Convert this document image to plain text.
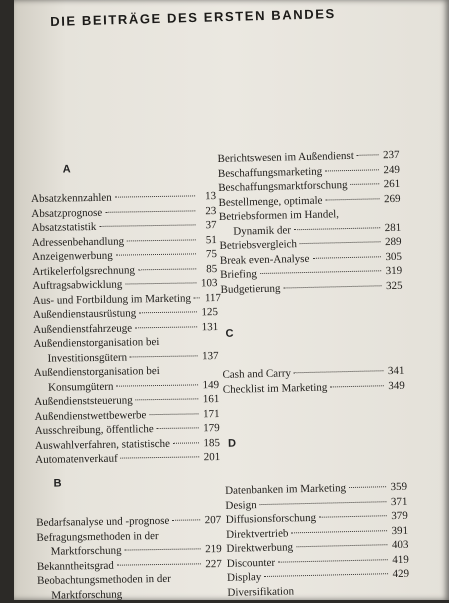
DIE BEITRÄGE DES ERSTEN BANDES
A
Absatzkennzahlen	13
Absatzprognose	23
Absatzstatistik	37
Adressenbehandlung	51
Anzeigenwerbung	75
Artikelerfolgsrechnung	85
Auftragsabwicklung	103
Aus- und Fortbildung im Marketing 117
Außendienstausrüstung	125
Außendienstfahrzeuge	131
Außendienstorganisation bei
Investitionsgütern	137
Außendienstorganisation bei
Konsumgütern	149
Außendienststeuerung	161
Außendienstwettbewerbe	171
Ausschreibung, öffentliche	179
Auswahlverfahren, statistische	185
Automatenverkauf	201
B
Bedarfsanalyse und -prognose	207
Befragungsmethoden in der
Marktforschung	219
Bekanntheitsgrad	227
Beobachtungsmethoden in der
Marktforschung
Berichtswesen im Außendienst	237
Beschaffungsmarketing	249
Beschaffungsmarktforschung	261
Bestellmenge, optimale	269
Betriebsformen im Handel,
Dynamik der	281
Betriebsvergleich	289
Break even-Analyse	305
Briefing	319
Budgetierung	325
C
Cash and Carry	341
Checklist im Marketing	349
D
Datenbanken im Marketing	359
Design	371
Diffusionsforschung	379
Direktvertrieb	391
Direktwerbung	403
Discounter	419
Display	429
Diversifikation
